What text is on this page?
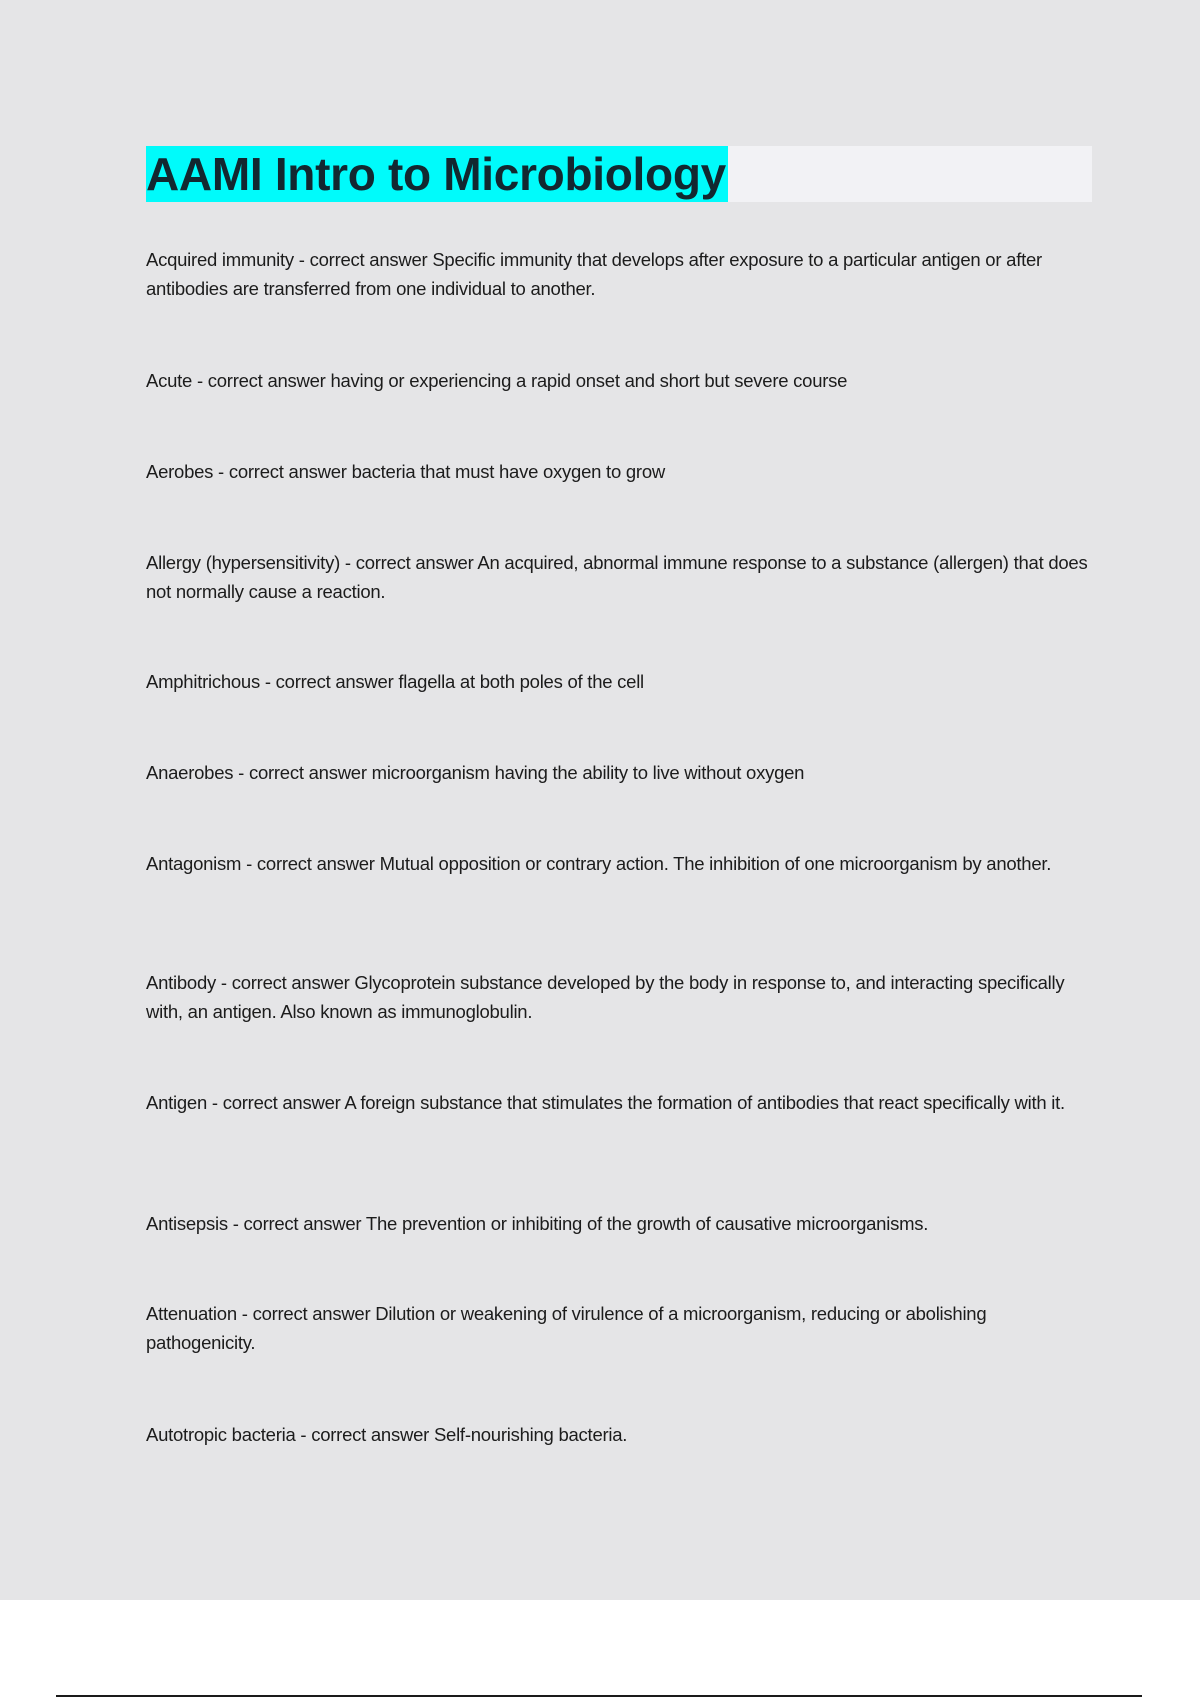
AAMI Intro to Microbiology
Acquired immunity - correct answer Specific immunity that develops after exposure to a particular antigen or after antibodies are transferred from one individual to another.
Acute - correct answer having or experiencing a rapid onset and short but severe course
Aerobes - correct answer bacteria that must have oxygen to grow
Allergy (hypersensitivity) - correct answer An acquired, abnormal immune response to a substance (allergen) that does not normally cause a reaction.
Amphitrichous - correct answer flagella at both poles of the cell
Anaerobes - correct answer microorganism having the ability to live without oxygen
Antagonism - correct answer Mutual opposition or contrary action. The inhibition of one microorganism by another.
Antibody - correct answer Glycoprotein substance developed by the body in response to, and interacting specifically with, an antigen. Also known as immunoglobulin.
Antigen - correct answer A foreign substance that stimulates the formation of antibodies that react specifically with it.
Antisepsis - correct answer The prevention or inhibiting of the growth of causative microorganisms.
Attenuation - correct answer Dilution or weakening of virulence of a microorganism, reducing or abolishing pathogenicity.
Autotropic bacteria - correct answer Self-nourishing bacteria.
